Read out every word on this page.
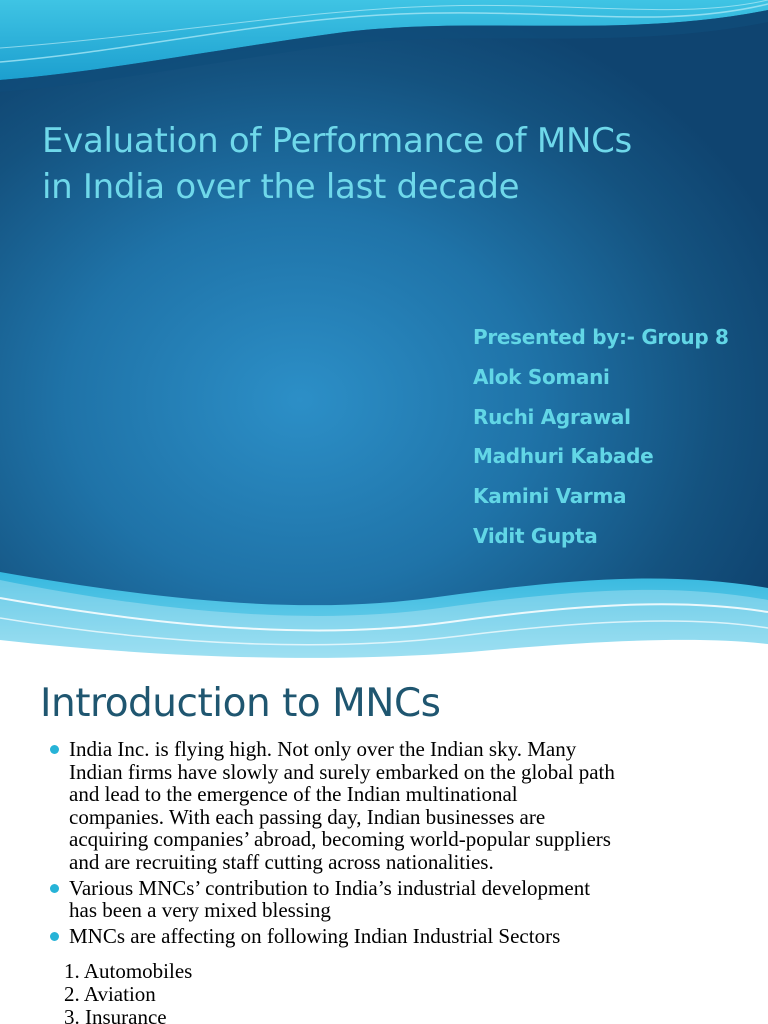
Evaluation of Performance of MNCs
in India over the last decade
Presented by:- Group 8
Alok Somani
Ruchi Agrawal
Madhuri Kabade
Kamini Varma
Vidit Gupta
Introduction to MNCs
India Inc. is flying high. Not only over the Indian sky. Many
Indian firms have slowly and surely embarked on the global path
and lead to the emergence of the Indian multinational
companies. With each passing day, Indian businesses are
acquiring companies’ abroad, becoming world-popular suppliers
and are recruiting staff cutting across nationalities.
Various MNCs’ contribution to India’s industrial development
has been a very mixed blessing
MNCs are affecting on following Indian Industrial Sectors
1. Automobiles
2. Aviation
3. Insurance
